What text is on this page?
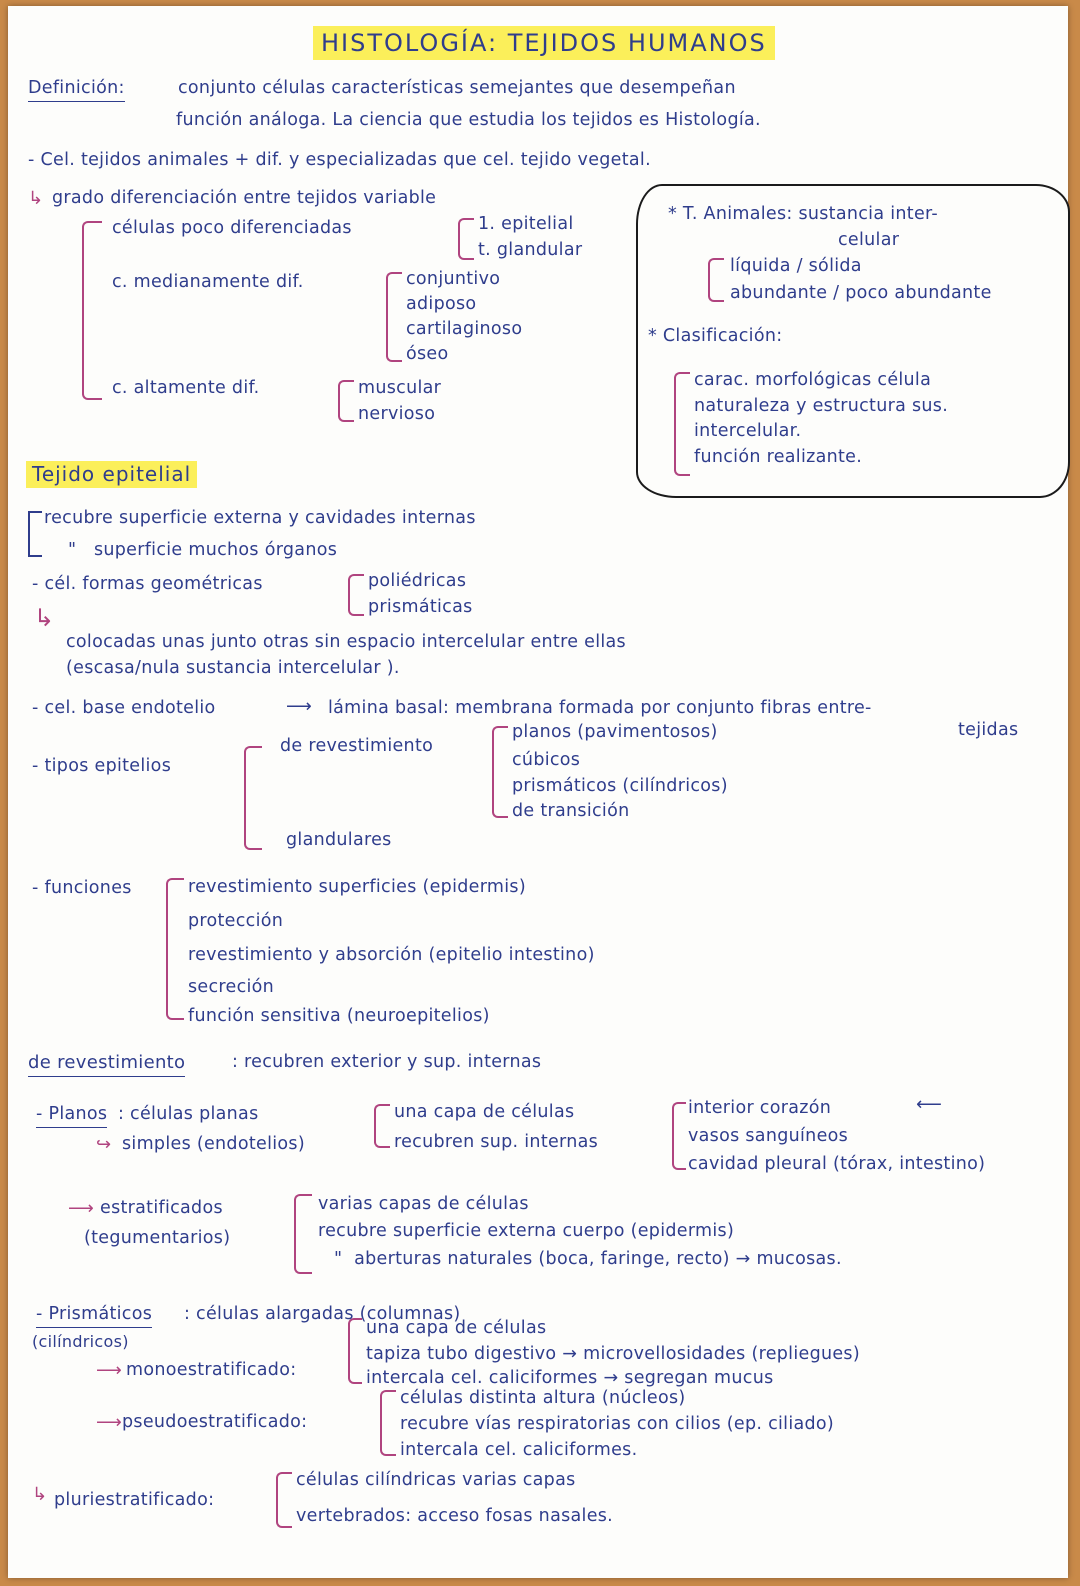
HISTOLOGÍA: TEJIDOS HUMANOS
Definición:	conjunto células características semejantes que desempeñan
función análoga. La ciencia que estudia los tejidos es Histología.
- Cel. tejidos animales + dif. y especializadas que cel. tejido vegetal.
↳ grado diferenciación entre tejidos variable
células poco diferenciadas	1. epitelial
t. glandular
c. medianamente dif.	conjuntivo
adiposo
cartilaginoso
óseo
c. altamente dif.	muscular
nervioso
* T. Animales: sustancia inter-
celular
líquida / sólida
abundante / poco abundante
* Clasificación:
carac. morfológicas célula
naturaleza y estructura sus.
intercelular.
función realizante.
Tejido epitelial
recubre superficie externa y cavidades internas
"   superficie muchos órganos
- cél. formas geométricas	poliédricas
prismáticas
↳
colocadas unas junto otras sin espacio intercelular entre ellas
(escasa/nula sustancia intercelular ).
- cel. base endotelio	⟶ lámina basal: membrana formada por conjunto fibras entre-
tejidas
- tipos epitelios
de revestimiento
planos (pavimentosos)
cúbicos
prismáticos (cilíndricos)
de transición
glandulares
- funciones	revestimiento superficies (epidermis)
protección
revestimiento y absorción (epitelio intestino)
secreción
función sensitiva (neuroepitelios)
de revestimiento	: recubren exterior y sup. internas
- Planos : células planas
↪ simples (endotelios)
una capa de células
recubren sup. internas
interior corazón
vasos sanguíneos
cavidad pleural (tórax, intestino)
⟵
⟶ estratificados
(tegumentarios)
varias capas de células
recubre superficie externa cuerpo (epidermis)
"  aberturas naturales (boca, faringe, recto) → mucosas.
- Prismáticos : células alargadas (columnas)
(cilíndricos)
⟶ monoestratificado:
una capa de células
tapiza tubo digestivo → microvellosidades (repliegues)
intercala cel. caliciformes → segregan mucus
⟶ pseudoestratificado:
células distinta altura (núcleos)
recubre vías respiratorias con cilios (ep. ciliado)
intercala cel. caliciformes.
↳ pluriestratificado:
células cilíndricas varias capas
vertebrados: acceso fosas nasales.
